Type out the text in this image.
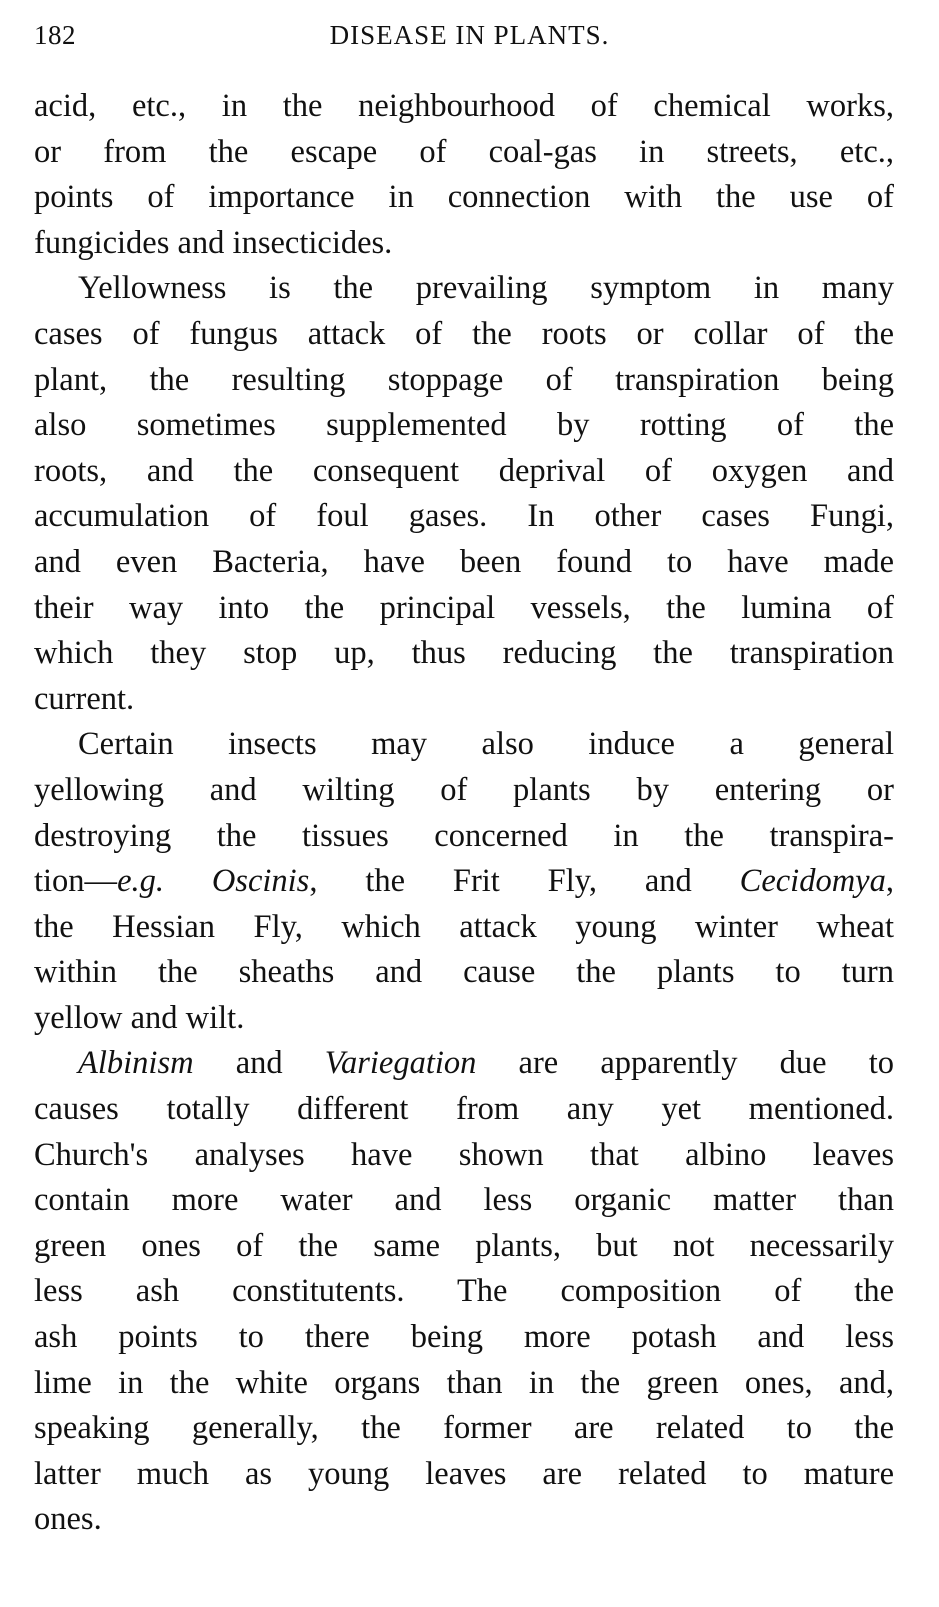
182	DISEASE IN PLANTS.
acid, etc., in the neighbourhood of chemical works,
or from the escape of coal-gas in streets, etc.,
points of importance in connection with the use of
fungicides and insecticides.
Yellowness is the prevailing symptom in many
cases of fungus attack of the roots or collar of the
plant, the resulting stoppage of transpiration being
also sometimes supplemented by rotting of the
roots, and the consequent deprival of oxygen and
accumulation of foul gases. In other cases Fungi,
and even Bacteria, have been found to have made
their way into the principal vessels, the lumina of
which they stop up, thus reducing the transpiration
current.
Certain insects may also induce a general
yellowing and wilting of plants by entering or
destroying the tissues concerned in the transpira-
tion—e.g. Oscinis, the Frit Fly, and Cecidomya,
the Hessian Fly, which attack young winter wheat
within the sheaths and cause the plants to turn
yellow and wilt.
Albinism and Variegation are apparently due to
causes totally different from any yet mentioned.
Church's analyses have shown that albino leaves
contain more water and less organic matter than
green ones of the same plants, but not necessarily
less ash constitutents. The composition of the
ash points to there being more potash and less
lime in the white organs than in the green ones, and,
speaking generally, the former are related to the
latter much as young leaves are related to mature
ones.
